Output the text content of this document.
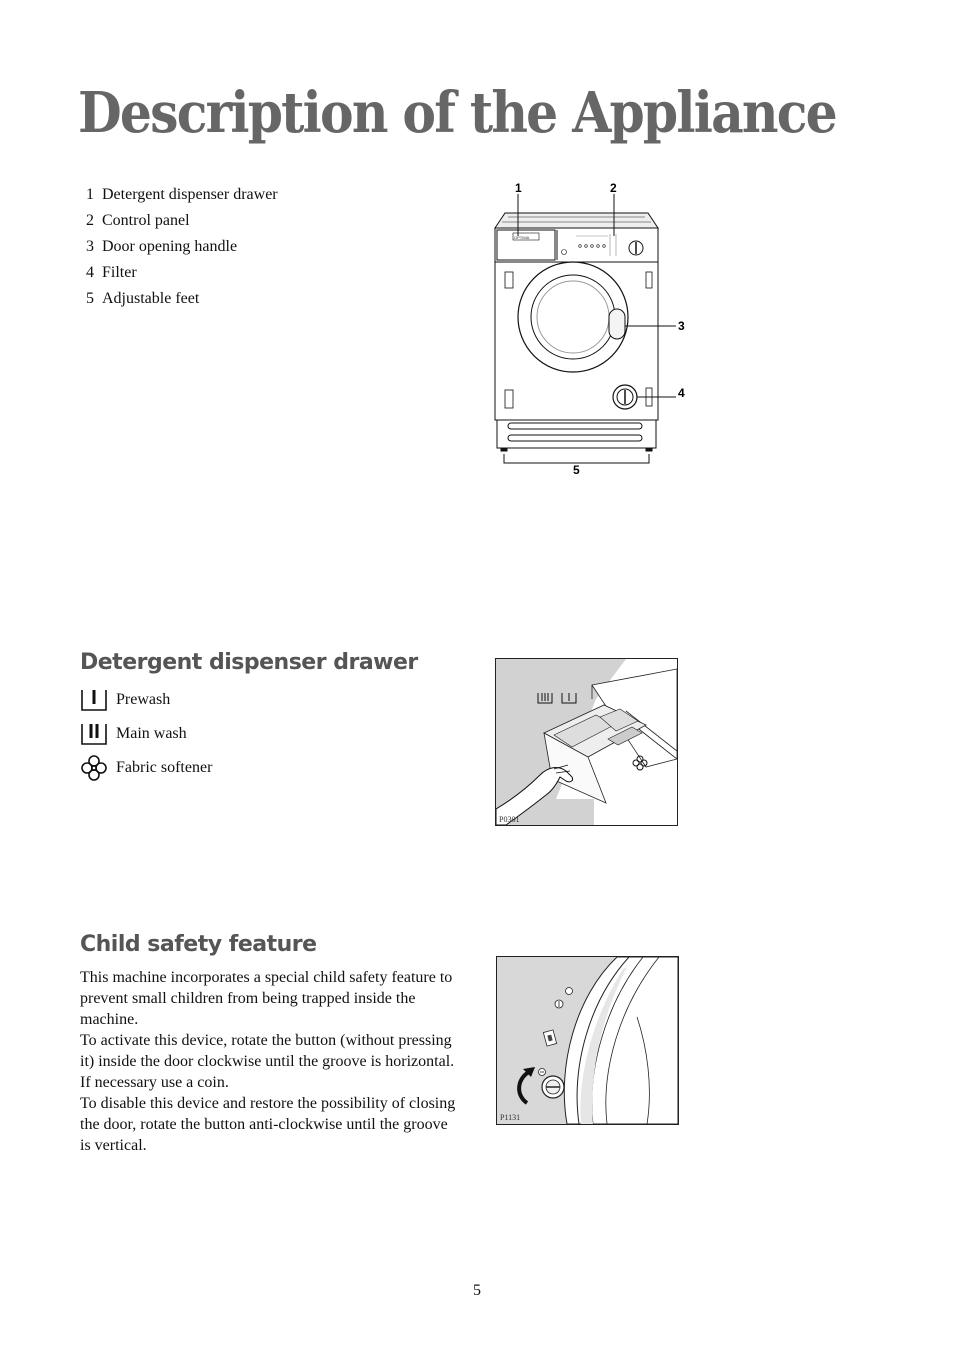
Description of the Appliance
1 Detergent dispenser drawer
2 Control panel
3 Door opening handle
4 Filter
5 Adjustable feet
1	2
3
4
5
OPTIMA
Detergent dispenser drawer
Prewash
Main wash
Fabric softener
P0301
Child safety feature

This machine incorporates a special child safety feature to prevent small children from being trapped inside the machine.

To activate this device, rotate the button (without pressing it) inside the door clockwise until the groove is horizontal. If necessary use a coin.

To disable this device and restore the possibility of closing the door, rotate the button anti-clockwise until the groove is vertical.

P1131
5
